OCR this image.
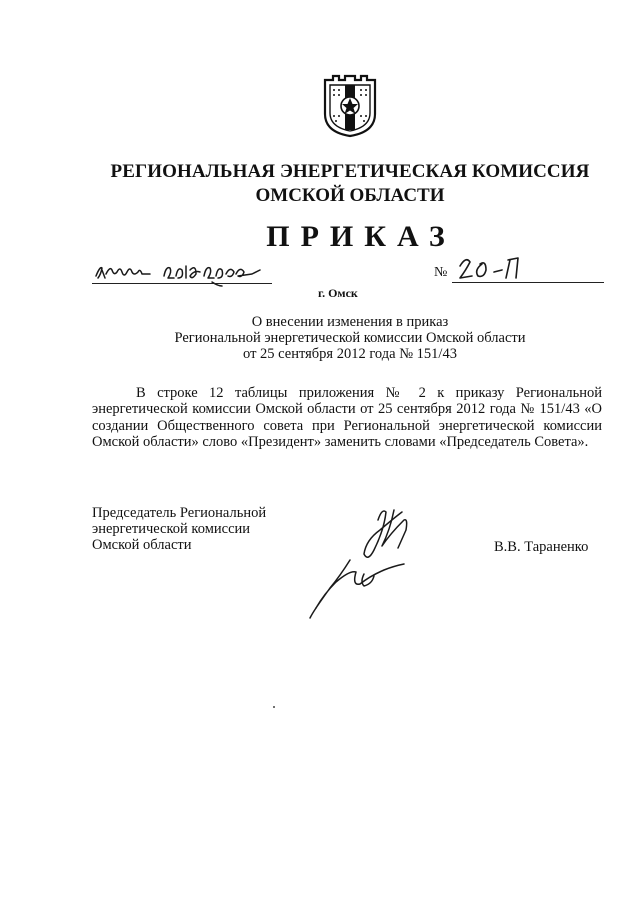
РЕГИОНАЛЬНАЯ ЭНЕРГЕТИЧЕСКАЯ КОМИССИЯ
ОМСКОЙ ОБЛАСТИ
ПРИКАЗ
г. Омск
№
О внесении изменения в приказ
Региональной энергетической комиссии Омской области
от 25 сентября 2012 года № 151/43
В строке 12 таблицы приложения № 2 к приказу Региональной энергетической комиссии Омской области от 25 сентября 2012 года № 151/43 «О создании Общественного совета при Региональной энергетической комиссии Омской области» слово «Президент» заменить словами «Председатель Совета».
Председатель Региональной
энергетической комиссии
Омской области	В.В. Тараненко
